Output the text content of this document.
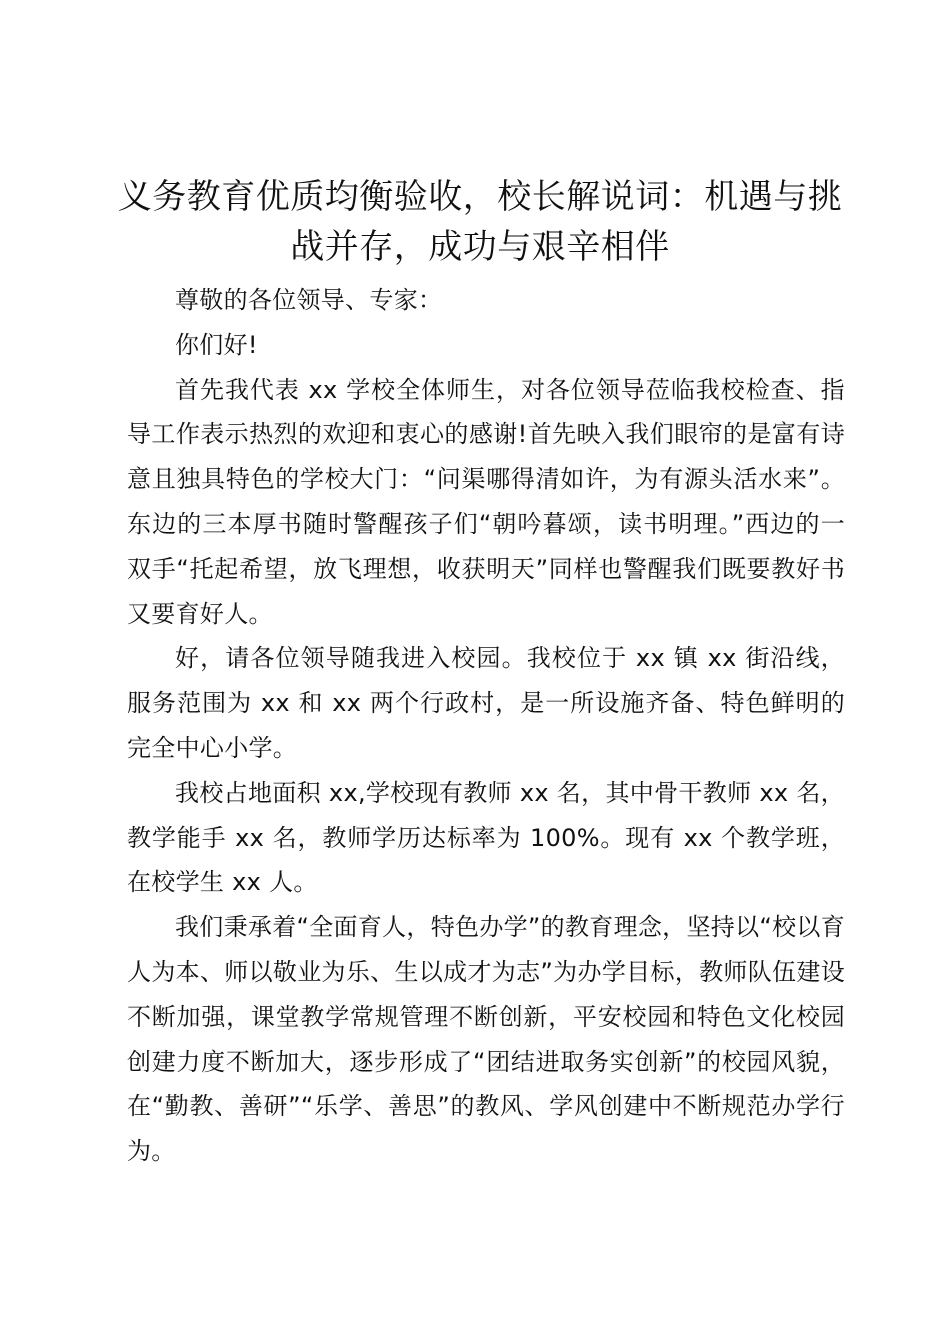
义务教育优质均衡验收，校长解说词：机遇与挑战并存，成功与艰辛相伴

尊敬的各位领导、专家：

你们好!

首先我代表 xx 学校全体师生，对各位领导莅临我校检查、指导工作表示热烈的欢迎和衷心的感谢!首先映入我们眼帘的是富有诗意且独具特色的学校大门：“问渠哪得清如许，为有源头活水来”。东边的三本厚书随时警醒孩子们“朝吟暮颂，读书明理。”西边的一双手“托起希望，放飞理想，收获明天”同样也警醒我们既要教好书又要育好人。

好，请各位领导随我进入校园。我校位于 xx 镇 xx 街沿线，服务范围为 xx 和 xx 两个行政村，是一所设施齐备、特色鲜明的完全中心小学。

我校占地面积 xx,学校现有教师 xx 名，其中骨干教师 xx 名，教学能手 xx 名，教师学历达标率为 100%。现有 xx 个教学班，在校学生 xx 人。

我们秉承着“全面育人，特色办学”的教育理念，坚持以“校以育人为本、师以敬业为乐、生以成才为志”为办学目标，教师队伍建设不断加强，课堂教学常规管理不断创新，平安校园和特色文化校园创建力度不断加大，逐步形成了“团结进取务实创新”的校园风貌，在“勤教、善研”“乐学、善思”的教风、学风创建中不断规范办学行为。
